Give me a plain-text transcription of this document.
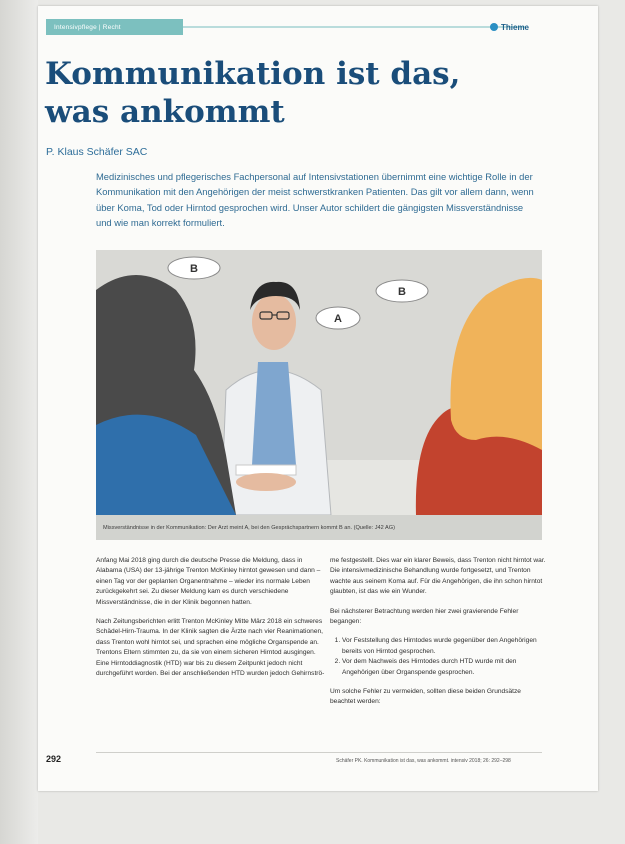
Intensivpflege | Recht	Thieme
Kommunikation ist das,
was ankommt
P. Klaus Schäfer SAC
Medizinisches und pflegerisches Fachpersonal auf Intensivstationen übernimmt eine wichtige Rolle in der Kommunikation mit den Angehörigen der meist schwerstkranken Patienten. Das gilt vor allem dann, wenn über Koma, Tod oder Hirntod gesprochen wird. Unser Autor schildert die gängigsten Missverständnisse und wie man korrekt formuliert.
B
A
B
Missverständnisse in der Kommunikation: Der Arzt meint A, bei den Gesprächspartnern kommt B an. (Quelle: J42 AG)

Anfang Mai 2018 ging durch die deutsche Presse die Meldung, dass in Alabama (USA) der 13-jährige Trenton McKinley hirntot gewesen und dann – einen Tag vor der geplanten Organentnahme – wieder ins normale Leben zurückgekehrt sei. Zu dieser Meldung kam es durch verschiedene Missverständnisse, die in der Klinik begonnen hatten.

Nach Zeitungsberichten erlitt Trenton McKinley Mitte März 2018 ein schweres Schädel-Hirn-Trauma. In der Klinik sagten die Ärzte nach vier Reanimationen, dass Trenton wohl hirntot sei, und sprachen eine mögliche Organspende an. Trentons Eltern stimmten zu, da sie von einem sicheren Hirntod ausgingen. Eine Hirntoddiagnostik (HTD) war bis zu diesem Zeitpunkt jedoch nicht durchgeführt worden. Bei der anschließenden HTD wurden jedoch Gehirnströ-

me festgestellt. Dies war ein klarer Beweis, dass Trenton nicht hirntot war. Die intensivmedizinische Behandlung wurde fortgesetzt, und Trenton wachte aus seinem Koma auf. Für die Angehörigen, die ihn schon hirntot glaubten, ist das wie ein Wunder.

Bei nächsterer Betrachtung werden hier zwei gravierende Fehler begangen:

1. Vor Feststellung des Hirntodes wurde gegenüber den Angehörigen bereits von Hirntod gesprochen.
2. Vor dem Nachweis des Hirntodes durch HTD wurde mit den Angehörigen über Organspende gesprochen.

Um solche Fehler zu vermeiden, sollten diese beiden Grundsätze beachtet werden:

292	Schäfer PK. Kommunikation ist das, was ankommt. intensiv 2018; 26: 292–298
